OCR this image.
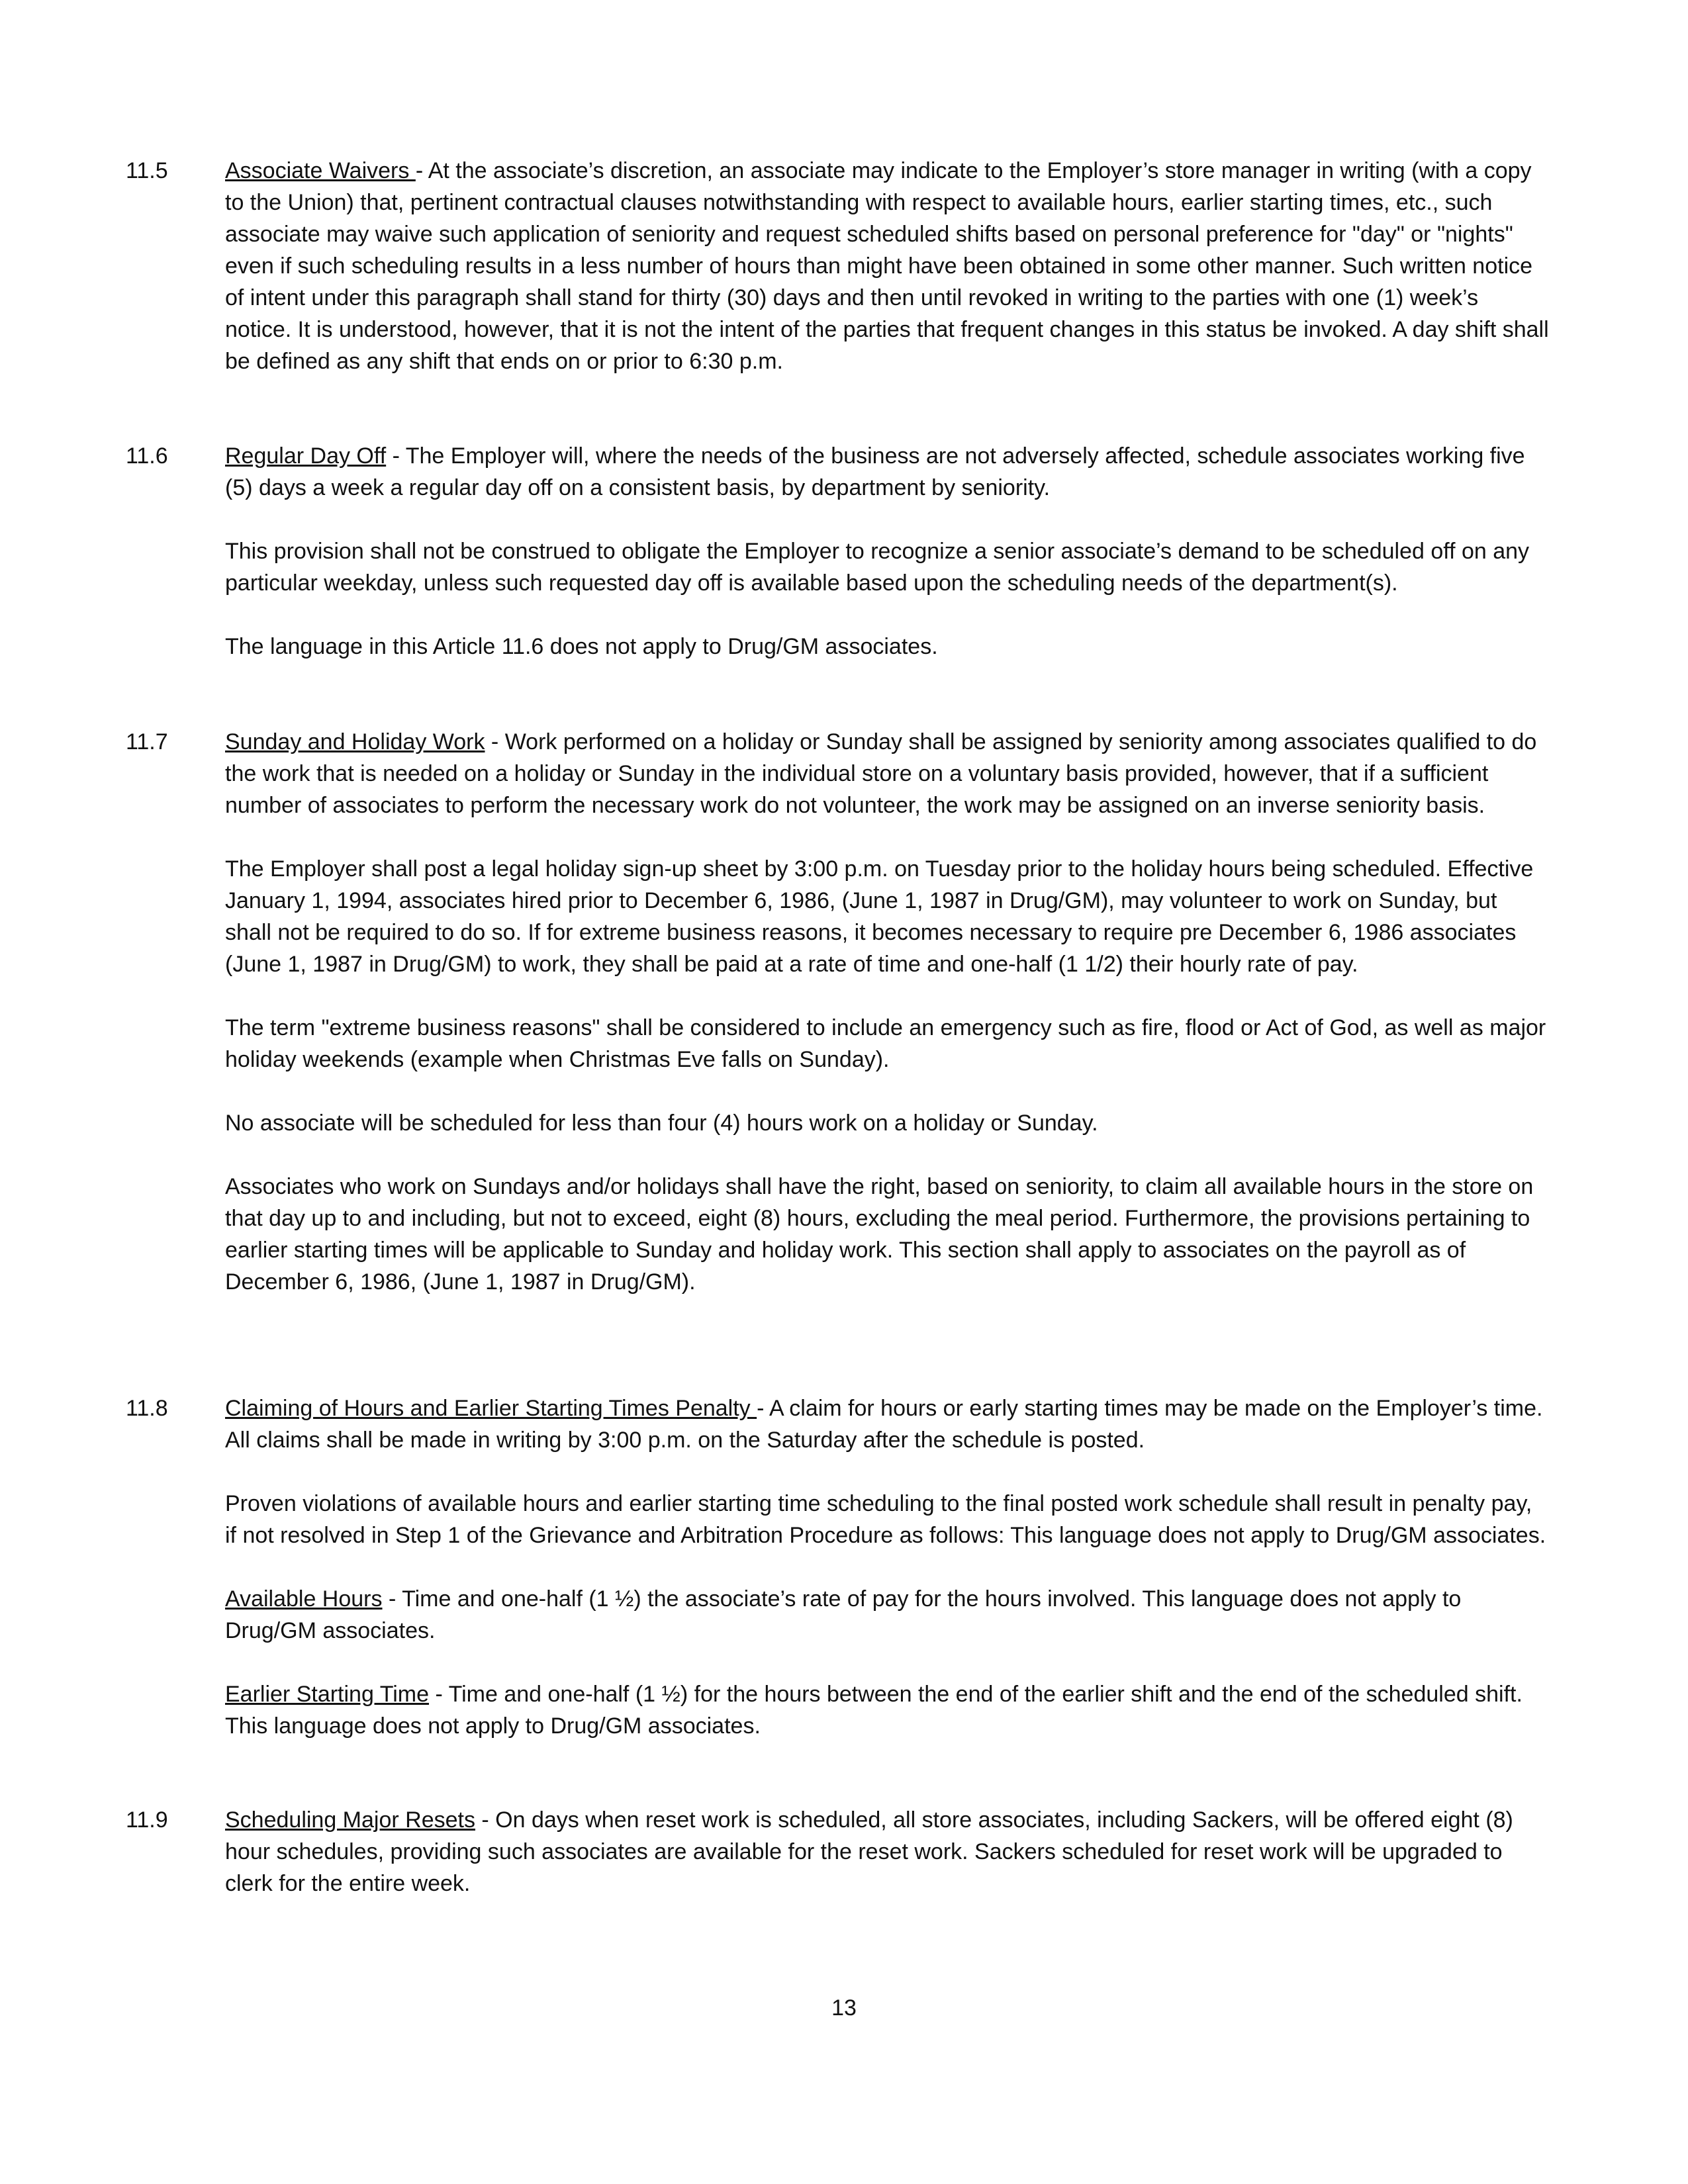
11.5	Associate Waivers - At the associate’s discretion, an associate may indicate to the Employer’s store manager in writing (with a copy to the Union) that, pertinent contractual clauses notwithstanding with respect to available hours, earlier starting times, etc., such associate may waive such application of seniority and request scheduled shifts based on personal preference for "day" or "nights" even if such scheduling results in a less number of hours than might have been obtained in some other manner. Such written notice of intent under this paragraph shall stand for thirty (30) days and then until revoked in writing to the parties with one (1) week’s notice. It is understood, however, that it is not the intent of the parties that frequent changes in this status be invoked. A day shift shall be defined as any shift that ends on or prior to 6:30 p.m.

11.6	Regular Day Off - The Employer will, where the needs of the business are not adversely affected, schedule associates working five (5) days a week a regular day off on a consistent basis, by department by seniority.

This provision shall not be construed to obligate the Employer to recognize a senior associate’s demand to be scheduled off on any particular weekday, unless such requested day off is available based upon the scheduling needs of the department(s).

The language in this Article 11.6 does not apply to Drug/GM associates.

11.7	Sunday and Holiday Work - Work performed on a holiday or Sunday shall be assigned by seniority among associates qualified to do the work that is needed on a holiday or Sunday in the individual store on a voluntary basis provided, however, that if a sufficient number of associates to perform the necessary work do not volunteer, the work may be assigned on an inverse seniority basis.

The Employer shall post a legal holiday sign-up sheet by 3:00 p.m. on Tuesday prior to the holiday hours being scheduled. Effective January 1, 1994, associates hired prior to December 6, 1986, (June 1, 1987 in Drug/GM), may volunteer to work on Sunday, but shall not be required to do so. If for extreme business reasons, it becomes necessary to require pre December 6, 1986 associates (June 1, 1987 in Drug/GM) to work, they shall be paid at a rate of time and one-half (1 1/2) their hourly rate of pay.

The term "extreme business reasons" shall be considered to include an emergency such as fire, flood or Act of God, as well as major holiday weekends (example when Christmas Eve falls on Sunday).

No associate will be scheduled for less than four (4) hours work on a holiday or Sunday.

Associates who work on Sundays and/or holidays shall have the right, based on seniority, to claim all available hours in the store on that day up to and including, but not to exceed, eight (8) hours, excluding the meal period. Furthermore, the provisions pertaining to earlier starting times will be applicable to Sunday and holiday work. This section shall apply to associates on the payroll as of December 6, 1986, (June 1, 1987 in Drug/GM).

11.8	Claiming of Hours and Earlier Starting Times Penalty - A claim for hours or early starting times may be made on the Employer’s time. All claims shall be made in writing by 3:00 p.m. on the Saturday after the schedule is posted.

Proven violations of available hours and earlier starting time scheduling to the final posted work schedule shall result in penalty pay, if not resolved in Step 1 of the Grievance and Arbitration Procedure as follows: This language does not apply to Drug/GM associates.

Available Hours - Time and one-half (1 ½) the associate’s rate of pay for the hours involved. This language does not apply to Drug/GM associates.

Earlier Starting Time - Time and one-half (1 ½) for the hours between the end of the earlier shift and the end of the scheduled shift. This language does not apply to Drug/GM associates.

11.9	Scheduling Major Resets - On days when reset work is scheduled, all store associates, including Sackers, will be offered eight (8) hour schedules, providing such associates are available for the reset work. Sackers scheduled for reset work will be upgraded to clerk for the entire week.

13
